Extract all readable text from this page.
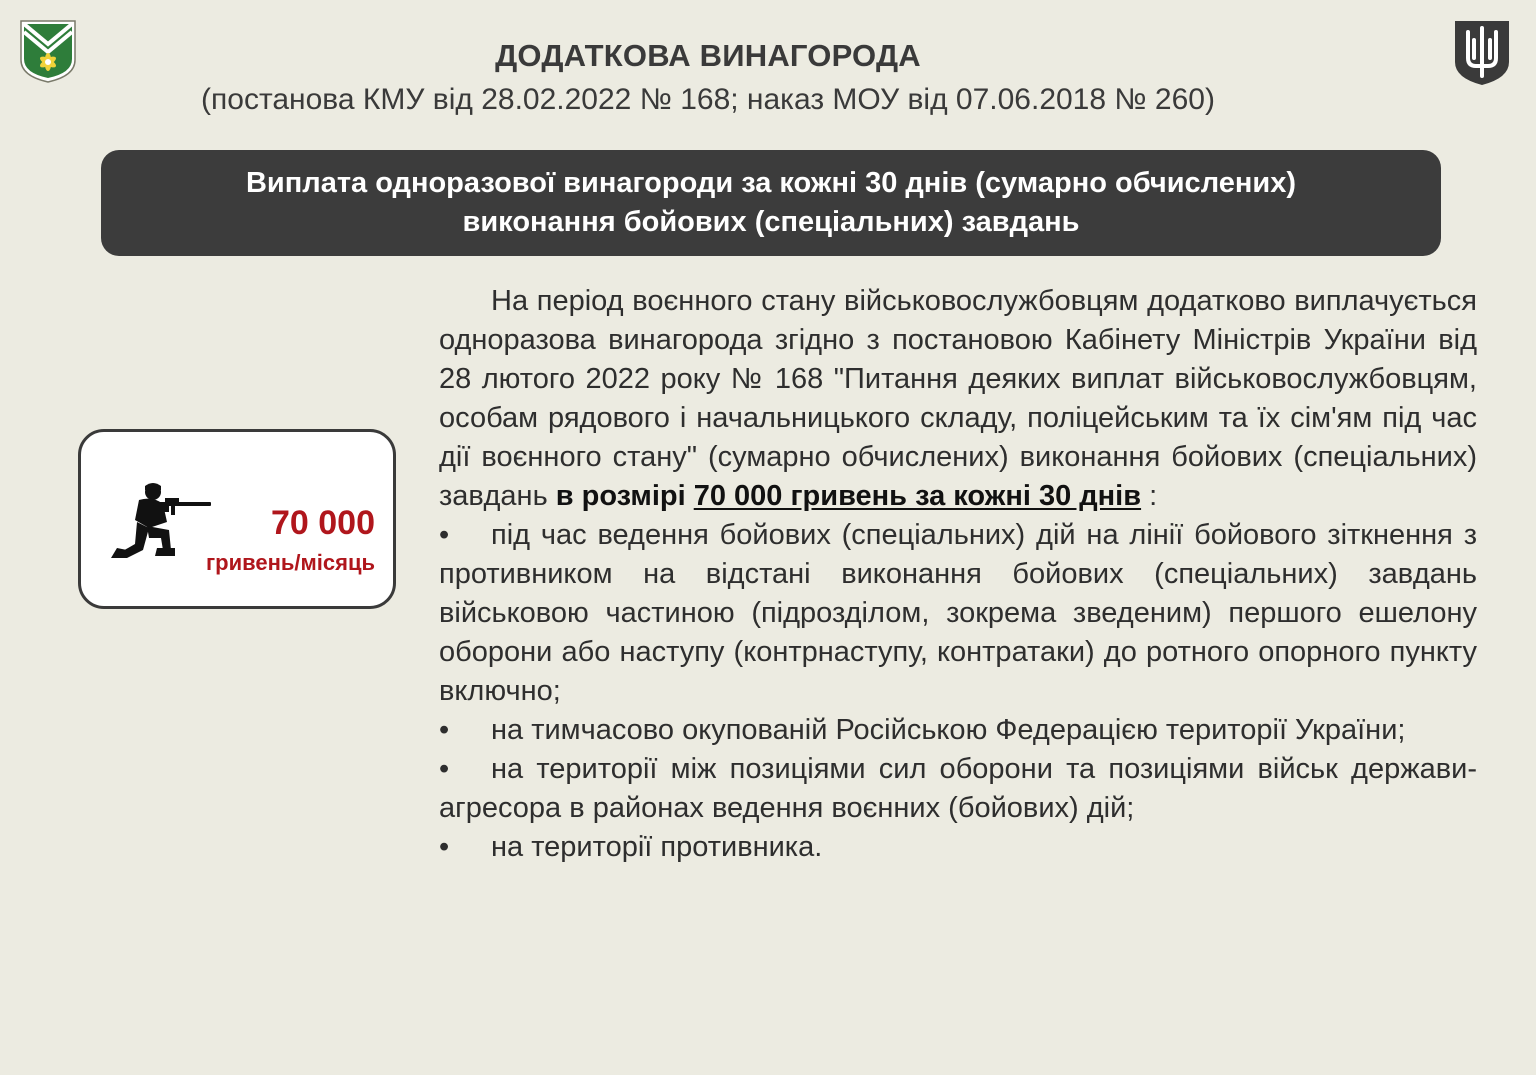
ДОДАТКОВА ВИНАГОРОДА
(постанова КМУ від 28.02.2022 № 168; наказ МОУ від 07.06.2018 № 260)
Виплата одноразової винагороди за кожні 30 днів (сумарно обчислених)
виконання бойових (спеціальних) завдань
70 000
гривень/місяць

На період воєнного стану військовослужбовцям додатково виплачується одноразова винагорода згідно з постановою Кабінету Міністрів України від 28 лютого 2022 року № 168 "Питання деяких виплат військовослужбовцям, особам рядового і начальницького складу, поліцейським та їх сім'ям під час дії воєнного стану" (сумарно обчислених) виконання бойових (спеціальних) завдань в розмірі 70 000 гривень за кожні 30 днів :

• під час ведення бойових (спеціальних) дій на лінії бойового зіткнення з противником на відстані виконання бойових (спеціальних) завдань військовою частиною (підрозділом, зокрема зведеним) першого ешелону оборони або наступу (контрнаступу, контратаки) до ротного опорного пункту включно;

• на тимчасово окупованій Російською Федерацією території України;

• на території між позиціями сил оборони та позиціями військ держави-агресора в районах ведення воєнних (бойових) дій;

• на території противника.
